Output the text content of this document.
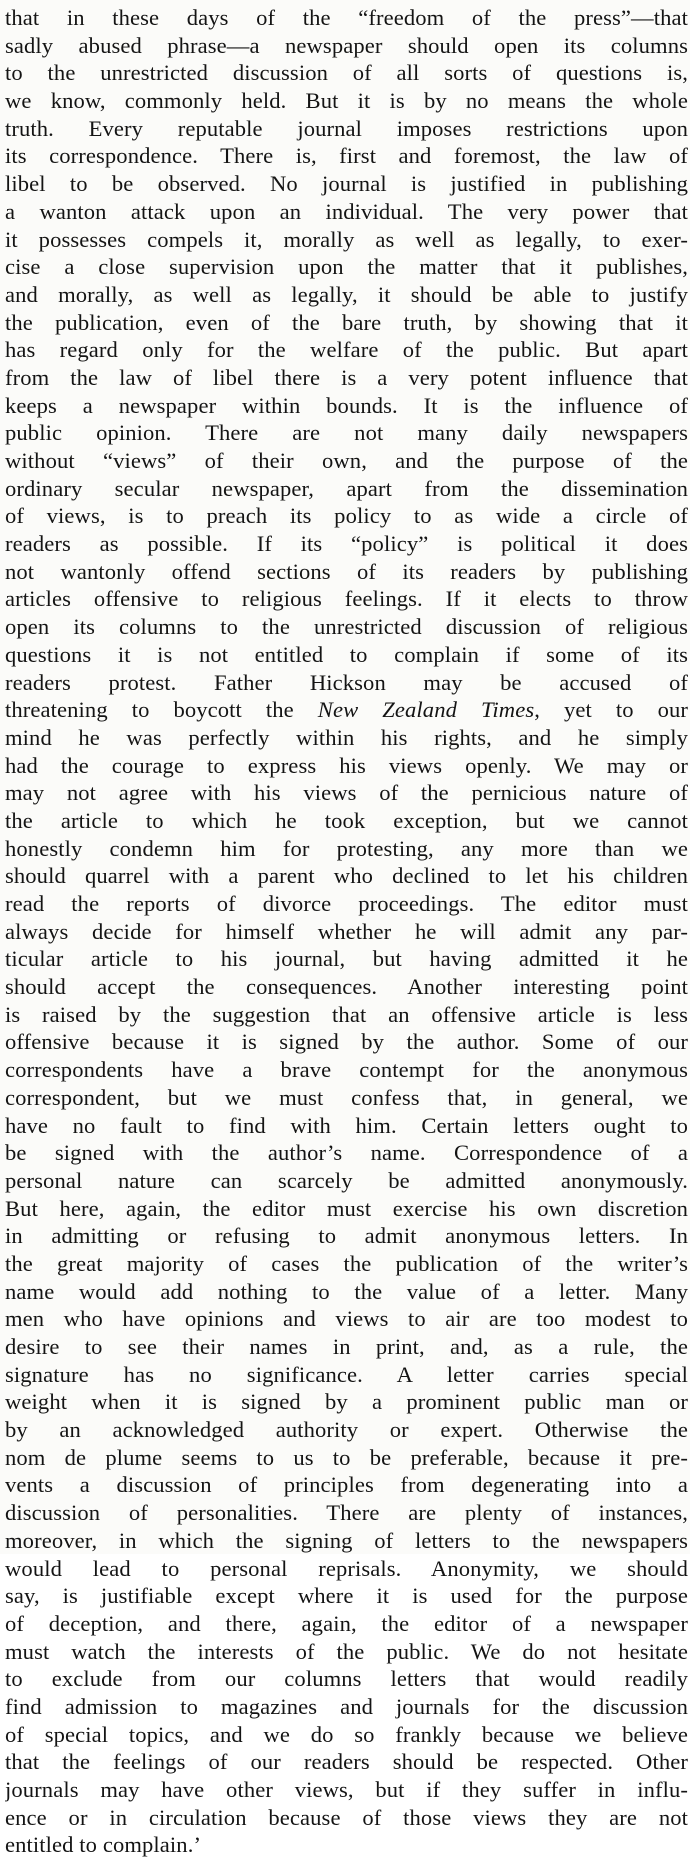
that in these days of the “freedom of the press”—that
sadly abused phrase—a newspaper should open its columns
to the unrestricted discussion of all sorts of questions is,
we know, commonly held. But it is by no means the whole
truth. Every reputable journal imposes restrictions upon
its correspondence. There is, first and foremost, the law of
libel to be observed. No journal is justified in publishing
a wanton attack upon an individual. The very power that
it possesses compels it, morally as well as legally, to exer-
cise a close supervision upon the matter that it publishes,
and morally, as well as legally, it should be able to justify
the publication, even of the bare truth, by showing that it
has regard only for the welfare of the public. But apart
from the law of libel there is a very potent influence that
keeps a newspaper within bounds. It is the influence of
public opinion. There are not many daily newspapers
without “views” of their own, and the purpose of the
ordinary secular newspaper, apart from the dissemination
of views, is to preach its policy to as wide a circle of
readers as possible. If its “policy” is political it does
not wantonly offend sections of its readers by publishing
articles offensive to religious feelings. If it elects to throw
open its columns to the unrestricted discussion of religious
questions it is not entitled to complain if some of its
readers protest. Father Hickson may be accused of
threatening to boycott the New Zealand Times, yet to our
mind he was perfectly within his rights, and he simply
had the courage to express his views openly. We may or
may not agree with his views of the pernicious nature of
the article to which he took exception, but we cannot
honestly condemn him for protesting, any more than we
should quarrel with a parent who declined to let his children
read the reports of divorce proceedings. The editor must
always decide for himself whether he will admit any par-
ticular article to his journal, but having admitted it he
should accept the consequences. Another interesting point
is raised by the suggestion that an offensive article is less
offensive because it is signed by the author. Some of our
correspondents have a brave contempt for the anonymous
correspondent, but we must confess that, in general, we
have no fault to find with him. Certain letters ought to
be signed with the author’s name. Correspondence of a
personal nature can scarcely be admitted anonymously.
But here, again, the editor must exercise his own discretion
in admitting or refusing to admit anonymous letters. In
the great majority of cases the publication of the writer’s
name would add nothing to the value of a letter. Many
men who have opinions and views to air are too modest to
desire to see their names in print, and, as a rule, the
signature has no significance. A letter carries special
weight when it is signed by a prominent public man or
by an acknowledged authority or expert. Otherwise the
nom de plume seems to us to be preferable, because it pre-
vents a discussion of principles from degenerating into a
discussion of personalities. There are plenty of instances,
moreover, in which the signing of letters to the newspapers
would lead to personal reprisals. Anonymity, we should
say, is justifiable except where it is used for the purpose
of deception, and there, again, the editor of a newspaper
must watch the interests of the public. We do not hesitate
to exclude from our columns letters that would readily
find admission to magazines and journals for the discussion
of special topics, and we do so frankly because we believe
that the feelings of our readers should be respected. Other
journals may have other views, but if they suffer in influ-
ence or in circulation because of those views they are not
entitled to complain.’
